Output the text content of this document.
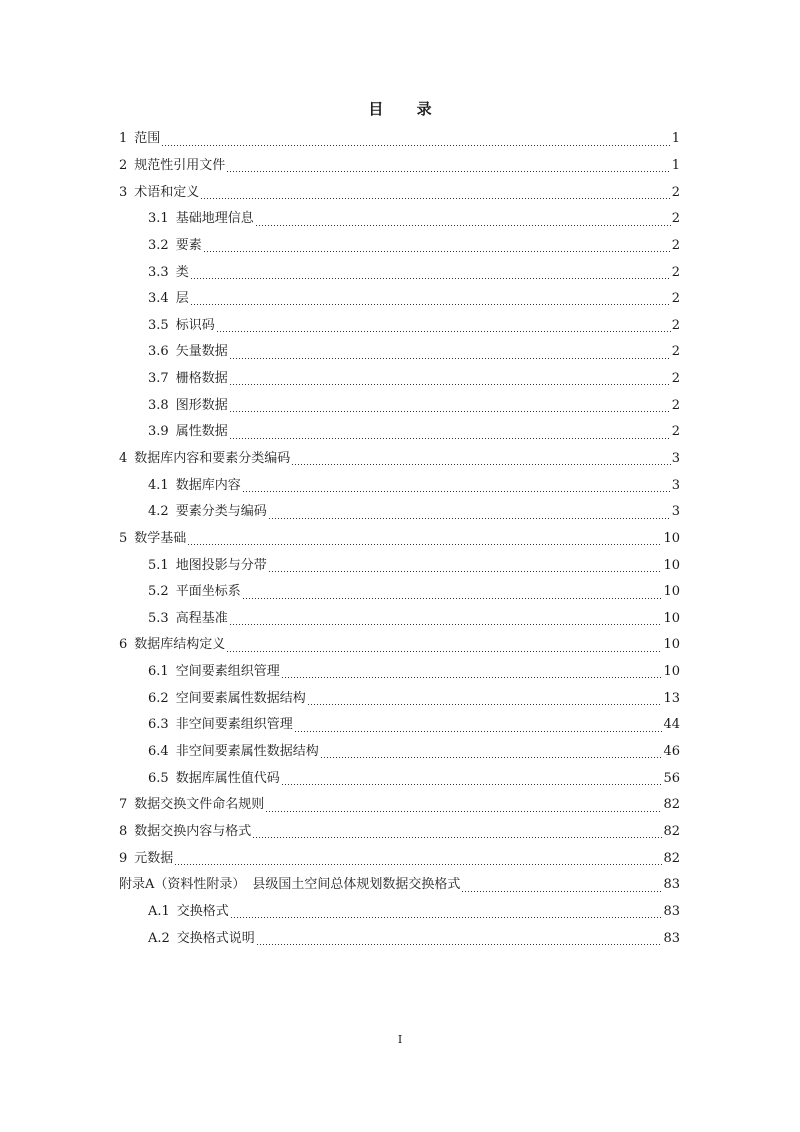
目 录
1 范围	1
2 规范性引用文件	1
3 术语和定义	2
3.1 基础地理信息	2
3.2 要素	2
3.3 类	2
3.4 层	2
3.5 标识码	2
3.6 矢量数据	2
3.7 栅格数据	2
3.8 图形数据	2
3.9 属性数据	2
4 数据库内容和要素分类编码	3
4.1 数据库内容	3
4.2 要素分类与编码	3
5 数学基础	10
5.1 地图投影与分带	10
5.2 平面坐标系	10
5.3 高程基准	10
6 数据库结构定义	10
6.1 空间要素组织管理	10
6.2 空间要素属性数据结构	13
6.3 非空间要素组织管理	44
6.4 非空间要素属性数据结构	46
6.5 数据库属性值代码	56
7 数据交换文件命名规则	82
8 数据交换内容与格式	82
9 元数据	82
附录A（资料性附录） 县级国土空间总体规划数据交换格式	83
A.1 交换格式	83
A.2 交换格式说明	83
I
